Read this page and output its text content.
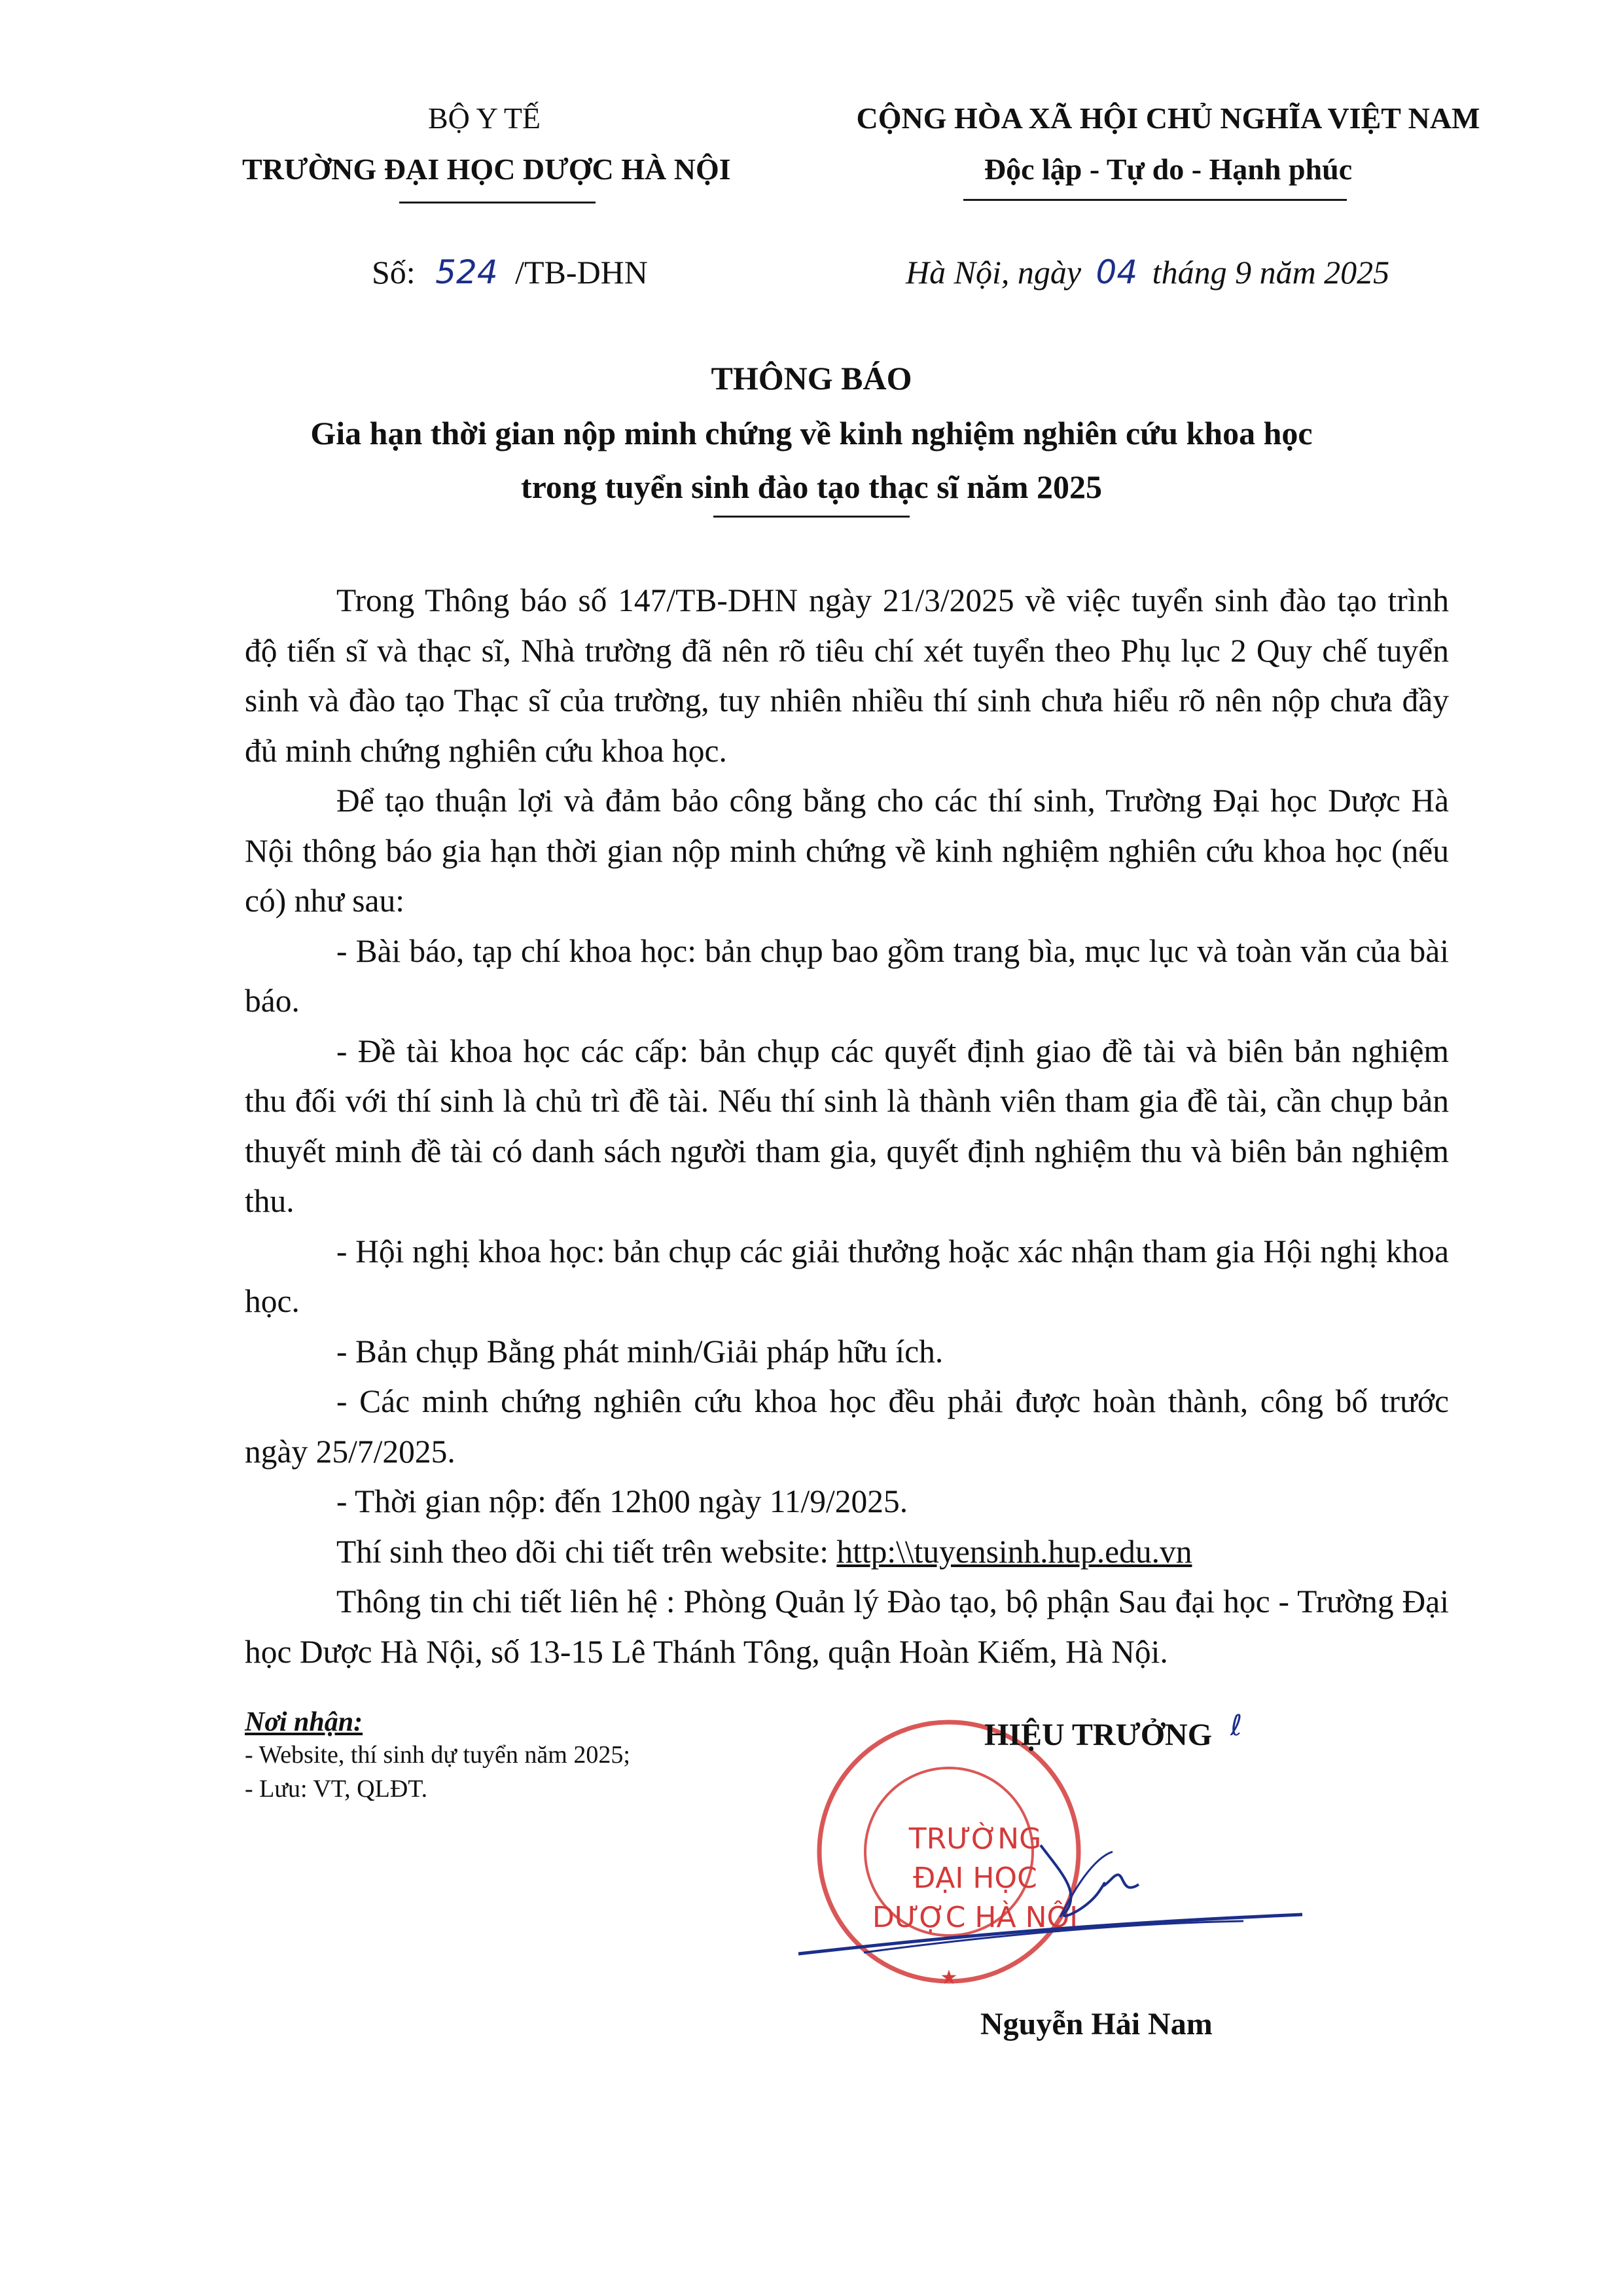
BỘ Y TẾ
TRƯỜNG ĐẠI HỌC DƯỢC HÀ NỘI
CỘNG HÒA XÃ HỘI CHỦ NGHĨA VIỆT NAM
Độc lập - Tự do - Hạnh phúc
Số: 524 /TB-DHN	Hà Nội, ngày 04 tháng 9 năm 2025
THÔNG BÁO
Gia hạn thời gian nộp minh chứng về kinh nghiệm nghiên cứu khoa học
trong tuyển sinh đào tạo thạc sĩ năm 2025

Trong Thông báo số 147/TB-DHN ngày 21/3/2025 về việc tuyển sinh đào tạo trình độ tiến sĩ và thạc sĩ, Nhà trường đã nên rõ tiêu chí xét tuyển theo Phụ lục 2 Quy chế tuyển sinh và đào tạo Thạc sĩ của trường, tuy nhiên nhiều thí sinh chưa hiểu rõ nên nộp chưa đầy đủ minh chứng nghiên cứu khoa học.

Để tạo thuận lợi và đảm bảo công bằng cho các thí sinh, Trường Đại học Dược Hà Nội thông báo gia hạn thời gian nộp minh chứng về kinh nghiệm nghiên cứu khoa học (nếu có) như sau:

- Bài báo, tạp chí khoa học: bản chụp bao gồm trang bìa, mục lục và toàn văn của bài báo.

- Đề tài khoa học các cấp: bản chụp các quyết định giao đề tài và biên bản nghiệm thu đối với thí sinh là chủ trì đề tài. Nếu thí sinh là thành viên tham gia đề tài, cần chụp bản thuyết minh đề tài có danh sách người tham gia, quyết định nghiệm thu và biên bản nghiệm thu.

- Hội nghị khoa học: bản chụp các giải thưởng hoặc xác nhận tham gia Hội nghị khoa học.

- Bản chụp Bằng phát minh/Giải pháp hữu ích.

- Các minh chứng nghiên cứu khoa học đều phải được hoàn thành, công bố trước ngày 25/7/2025.

- Thời gian nộp: đến 12h00 ngày 11/9/2025.

Thí sinh theo dõi chi tiết trên website: http:\\tuyensinh.hup.edu.vn

Thông tin chi tiết liên hệ : Phòng Quản lý Đào tạo, bộ phận Sau đại học - Trường Đại học Dược Hà Nội, số 13-15 Lê Thánh Tông, quận Hoàn Kiếm, Hà Nội.

Nơi nhận:
- Website, thí sinh dự tuyển năm 2025;
- Lưu: VT, QLĐT.
TRƯỜNG
ĐẠI HỌC
DƯỢC HÀ NỘI
★
HIỆU TRƯỞNG ℓ
Nguyễn Hải Nam
